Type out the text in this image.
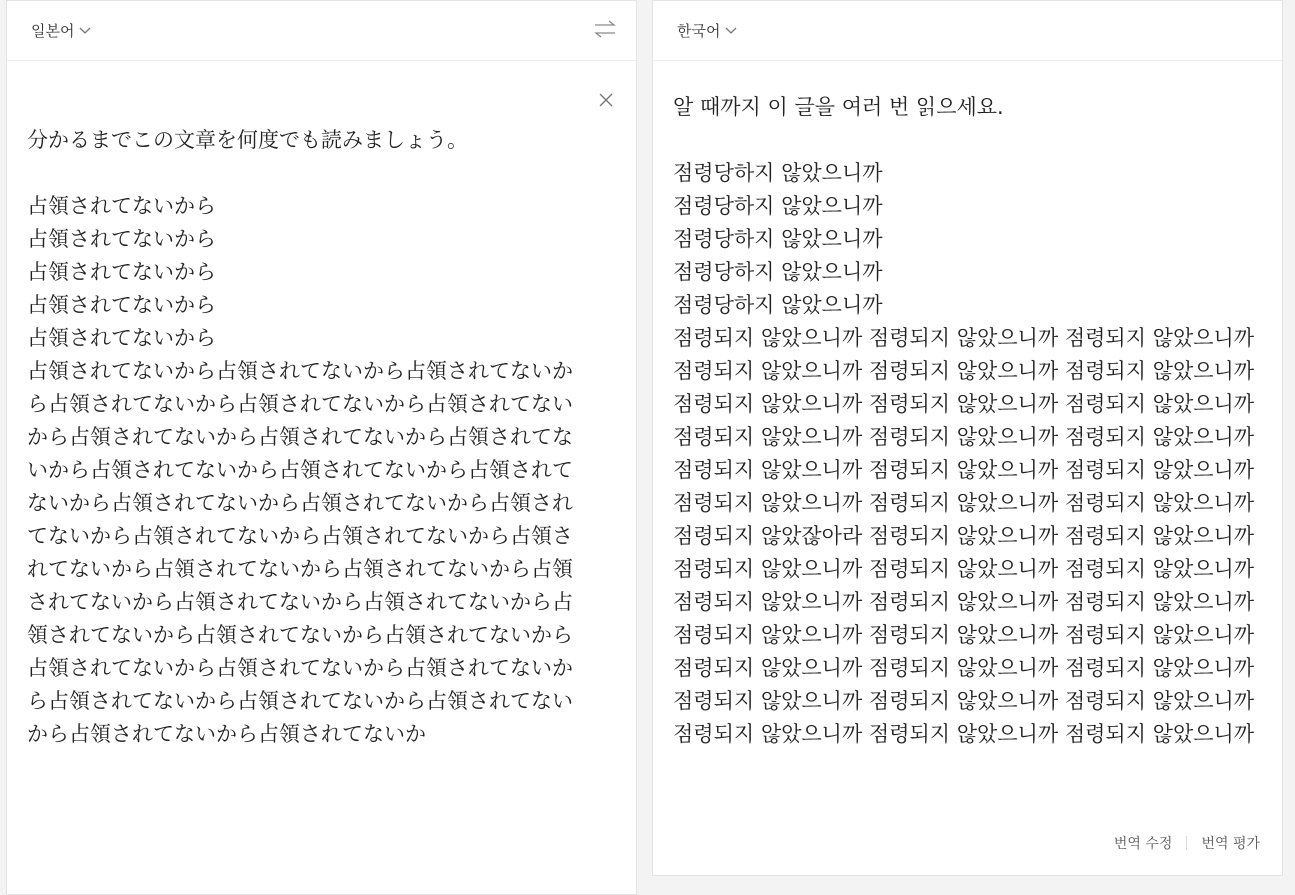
일본어

分かるまでこの文章を何度でも読みましょう。

占領されてないから
占領されてないから
占領されてないから
占領されてないから
占領されてないから
占領されてないから占領されてないから占領されてないから占領されてないから占領されてないから占領されてないから占領されてないから占領されてないから占領されてないから占領されてないから占領されてないから占領されてないから占領されてないから占領されてないから占領されてないから占領されてないから占領されてないから占領されてないから占領されてないから占領されてないから占領されてないから占領されてないから占領されてないから占領されてないから占領されてないから占領されてないから占領されてないから占領されてないから占領されてないから占領されてないから占領されてないから占領されてないから占領されてないから占領されてないか

한국어

알 때까지 이 글을 여러 번 읽으세요.

점령당하지 않았으니까
점령당하지 않았으니까
점령당하지 않았으니까
점령당하지 않았으니까
점령당하지 않았으니까
점령되지 않았으니까 점령되지 않았으니까 점령되지 않았으니까 점령되지 않았으니까 점령되지 않았으니까 점령되지 않았으니까 점령되지 않았으니까 점령되지 않았으니까 점령되지 않았으니까 점령되지 않았으니까 점령되지 않았으니까 점령되지 않았으니까 점령되지 않았으니까 점령되지 않았으니까 점령되지 않았으니까 점령되지 않았으니까 점령되지 않았으니까 점령되지 않았으니까 점령되지 않았잖아라 점령되지 않았으니까 점령되지 않았으니까 점령되지 않았으니까 점령되지 않았으니까 점령되지 않았으니까 점령되지 않았으니까 점령되지 않았으니까 점령되지 않았으니까 점령되지 않았으니까 점령되지 않았으니까 점령되지 않았으니까 점령되지 않았으니까 점령되지 않았으니까 점령되지 않았으니까 점령되지 않았으니까 점령되지 않았으니까 점령되지 않았으니까 점령되지 않았으니까 점령되지 않았으니까 점령되지 않았으니까

번역 수정 번역 평가
